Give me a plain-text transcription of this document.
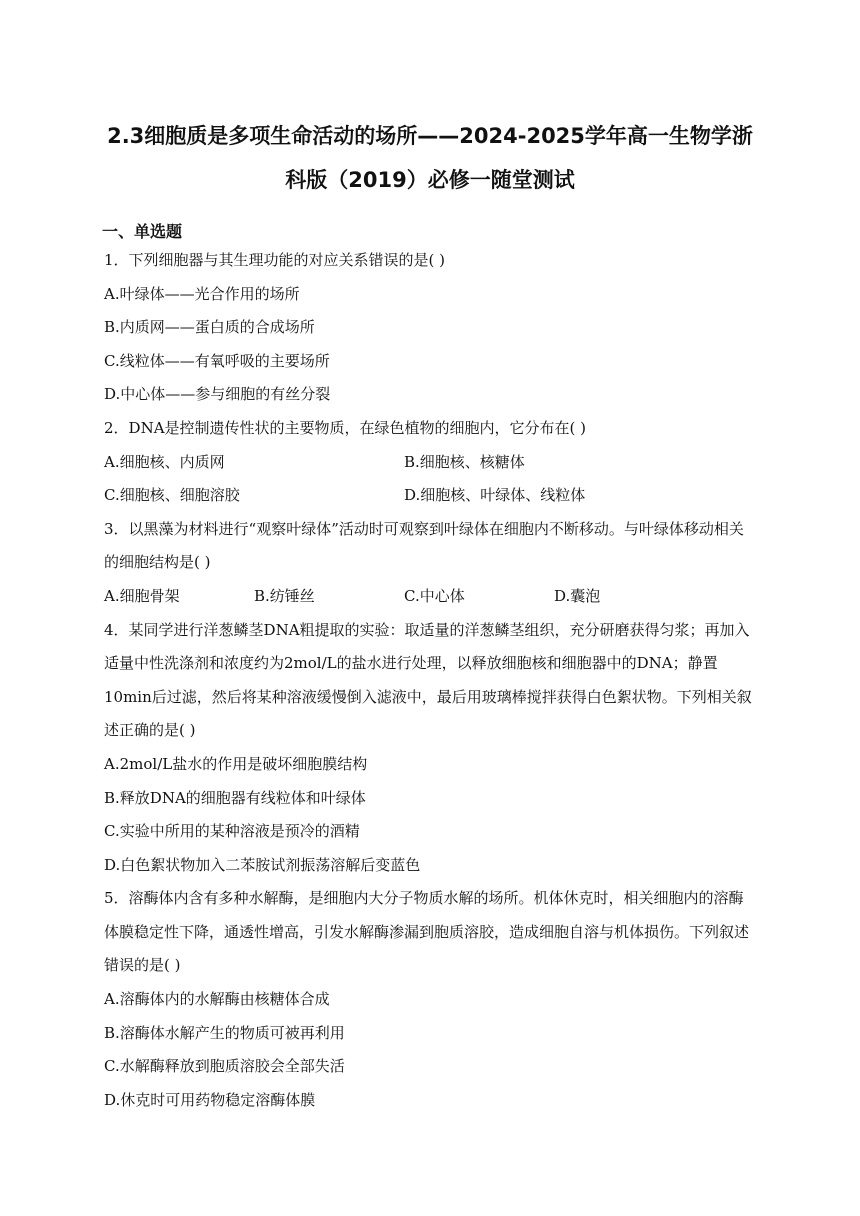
2.3细胞质是多项生命活动的场所——2024-2025学年高一生物学浙科版（2019）必修一随堂测试
一、单选题
1．下列细胞器与其生理功能的对应关系错误的是( )
A.叶绿体——光合作用的场所
B.内质网——蛋白质的合成场所
C.线粒体——有氧呼吸的主要场所
D.中心体——参与细胞的有丝分裂
2．DNA是控制遗传性状的主要物质，在绿色植物的细胞内，它分布在( )
A.细胞核、内质网	B.细胞核、核糖体
C.细胞核、细胞溶胶	D.细胞核、叶绿体、线粒体
3．以黑藻为材料进行“观察叶绿体”活动时可观察到叶绿体在细胞内不断移动。与叶绿体移动相关的细胞结构是( )
A.细胞骨架	B.纺锤丝	C.中心体	D.囊泡
4．某同学进行洋葱鳞茎DNA粗提取的实验：取适量的洋葱鳞茎组织，充分研磨获得匀浆；再加入适量中性洗涤剂和浓度约为2mol/L的盐水进行处理，以释放细胞核和细胞器中的DNA；静置10min后过滤，然后将某种溶液缓慢倒入滤液中，最后用玻璃棒搅拌获得白色絮状物。下列相关叙述正确的是( )
A.2mol/L盐水的作用是破坏细胞膜结构
B.释放DNA的细胞器有线粒体和叶绿体
C.实验中所用的某种溶液是预冷的酒精
D.白色絮状物加入二苯胺试剂振荡溶解后变蓝色
5．溶酶体内含有多种水解酶，是细胞内大分子物质水解的场所。机体休克时，相关细胞内的溶酶体膜稳定性下降，通透性增高，引发水解酶渗漏到胞质溶胶，造成细胞自溶与机体损伤。下列叙述错误的是( )
A.溶酶体内的水解酶由核糖体合成
B.溶酶体水解产生的物质可被再利用
C.水解酶释放到胞质溶胶会全部失活
D.休克时可用药物稳定溶酶体膜
